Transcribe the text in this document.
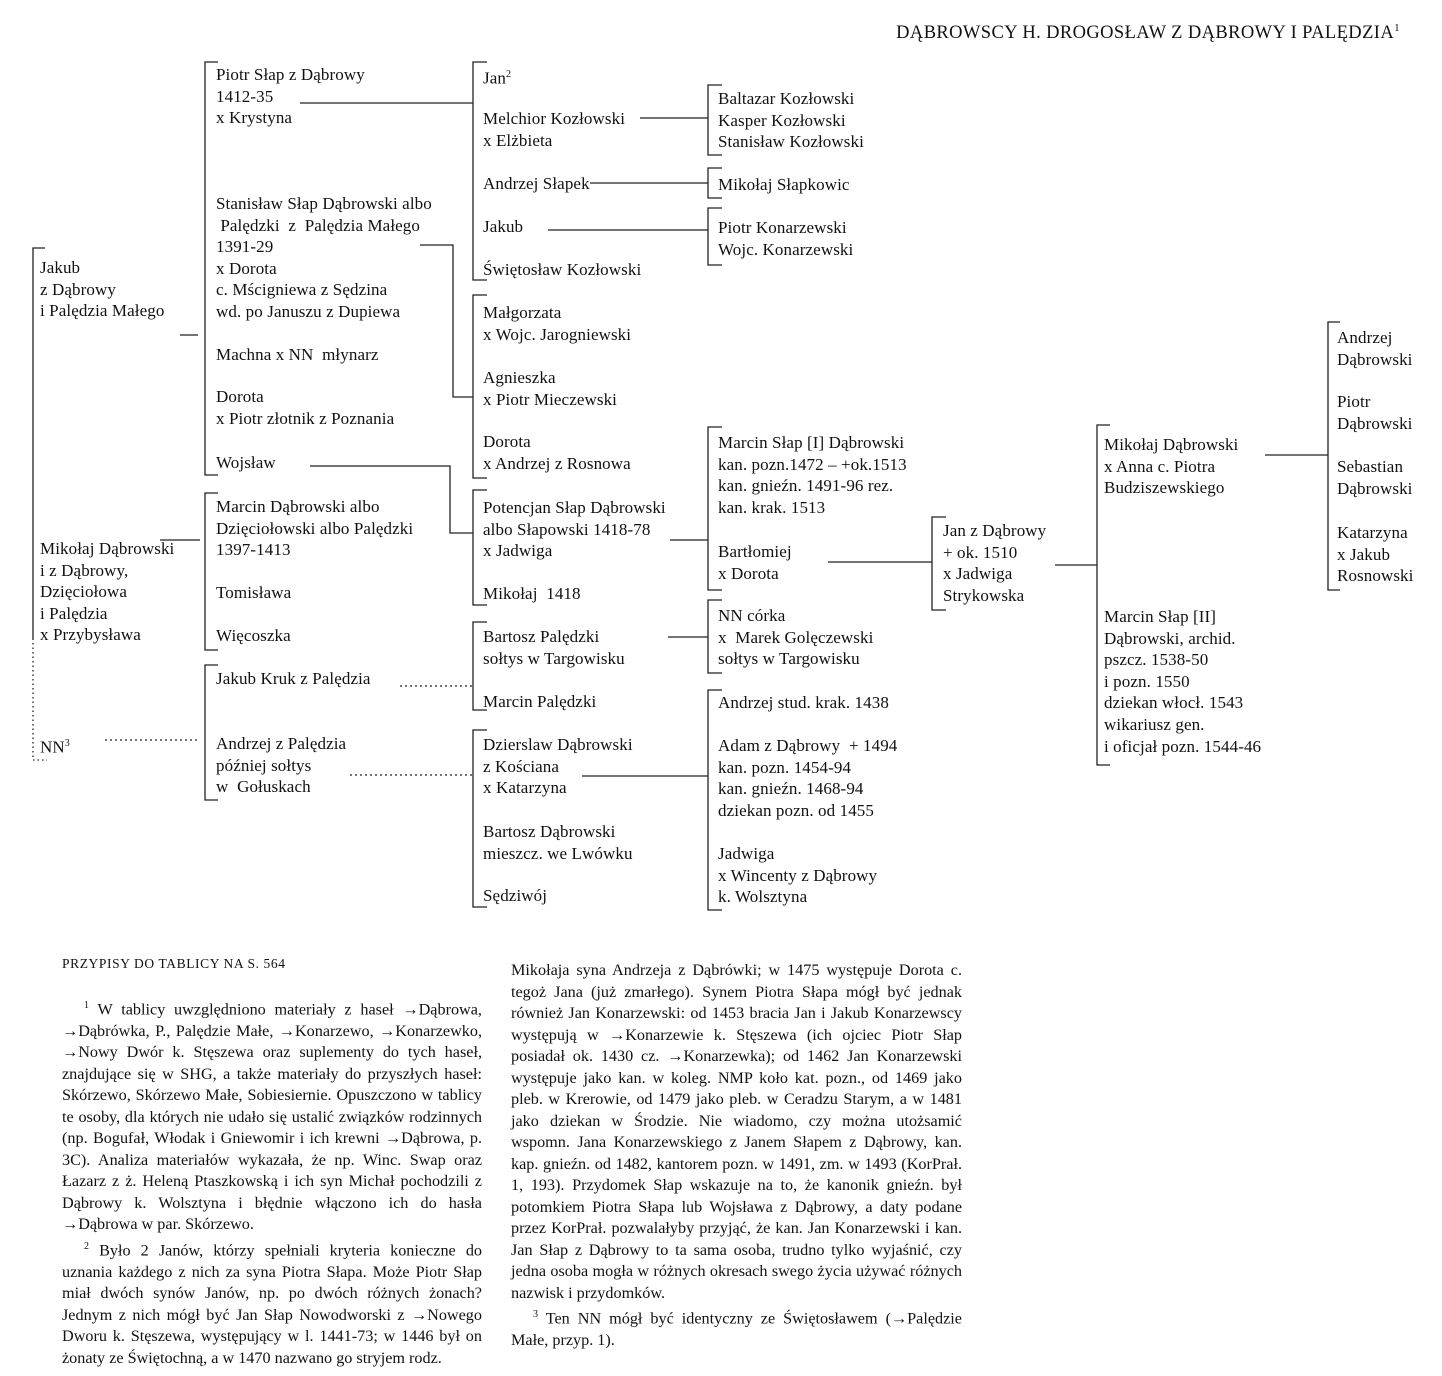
DĄBROWSCY H. DROGOSŁAW Z DĄBROWY I PALĘDZIA$^1$
Jakub
z Dąbrowy
i Palędzia Małego
Mikołaj Dąbrowski
i z Dąbrowy,
Dzięciołowa
i Palędzia
x Przybysława
$NN^3$
Piotr Słap z Dąbrowy
1412-35
x Krystyna
Stanisław Słap Dąbrowski albo
Palędzki  z  Palędzia Małego
1391-29
x Dorota
c. Mścigniewa z Sędzina
wd. po Januszu z Dupiewa
Machna x NN  młynarz
Dorota
x Piotr złotnik z Poznania
Wojsław
Marcin Dąbrowski albo
Dzięciołowski albo Palędzki
1397-1413
Tomisława
Więcoszka
Jakub Kruk z Palędzia
Andrzej z Palędzia
później sołtys
w  Gołuskach
Jan$^2$
Melchior Kozłowski
x Elżbieta
Andrzej Słapek
Jakub
Świętosław Kozłowski
Małgorzata
x Wojc. Jarogniewski
Agnieszka
x Piotr Mieczewski
Dorota
x Andrzej z Rosnowa
Potencjan Słap Dąbrowski
albo Słapowski 1418-78
x Jadwiga
Mikołaj  1418
Bartosz Palędzki
sołtys w Targowisku
Marcin Palędzki
Dzierslaw Dąbrowski
z Kościana
x Katarzyna
Bartosz Dąbrowski
mieszcz. we Lwówku
Sędziwój
Baltazar Kozłowski
Kasper Kozłowski
Stanisław Kozłowski
Mikołaj Słapkowic
Piotr Konarzewski
Wojc. Konarzewski
Marcin Słap [I] Dąbrowski
kan. pozn.1472 – +ok.1513
kan. gnieźn. 1491-96 rez.
kan. krak. 1513
Bartłomiej
x Dorota
NN córka
x  Marek Golęczewski
sołtys w Targowisku
Andrzej stud. krak. 1438
Adam z Dąbrowy  + 1494
kan. pozn. 1454-94
kan. gnieźn. 1468-94
dziekan pozn. od 1455
Jadwiga
x Wincenty z Dąbrowy
k. Wolsztyna
Jan z Dąbrowy
+ ok. 1510
x Jadwiga
Strykowska
Mikołaj Dąbrowski
x Anna c. Piotra
Budziszewskiego
Marcin Słap [II]
Dąbrowski, archid.
pszcz. 1538-50
i pozn. 1550
dziekan włocł. 1543
wikariusz gen.
i oficjał pozn. 1544-46
Andrzej
Dąbrowski
Piotr
Dąbrowski
Sebastian
Dąbrowski
Katarzyna
x Jakub
Rosnowski
PRZYPISY DO TABLICY NA S. 564

$^1$ W tablicy uwzględniono materiały z haseł →Dąbrowa, →Dąbrówka, P., Palędzie Małe, →Konarzewo, →Konarzewko, →Nowy Dwór k. Stęszewa oraz suplementy do tych haseł, znajdujące się w SHG, a także materiały do przyszłych haseł: Skórzewo, Skórzewo Małe, Sobiesiernie. Opuszczono w tablicy te osoby, dla których nie udało się ustalić związków rodzinnych (np. Bogufał, Włodak i Gniewomir i ich krewni →Dąbrowa, p. 3C). Analiza materiałów wykazała, że np. Winc. Swap oraz Łazarz z ż. Heleną Ptaszkowską i ich syn Michał pochodzili z Dąbrowy k. Wolsztyna i błędnie włączono ich do hasła →Dąbrowa w par. Skórzewo.

$^2$ Było 2 Janów, którzy spełniali kryteria konieczne do uznania każdego z nich za syna Piotra Słapa. Może Piotr Słap miał dwóch synów Janów, np. po dwóch różnych żonach? Jednym z nich mógł być Jan Słap Nowodworski z →Nowego Dworu k. Stęszewa, występujący w l. 1441-73; w 1446 był on żonaty ze Świętochną, a w 1470 nazwano go stryjem rodz.

Mikołaja syna Andrzeja z Dąbrówki; w 1475 występuje Dorota c. tegoż Jana (już zmarłego). Synem Piotra Słapa mógł być jednak również Jan Konarzewski: od 1453 bracia Jan i Jakub Konarzewscy występują w →Konarzewie k. Stęszewa (ich ojciec Piotr Słap posiadał ok. 1430 cz. →Konarzewka); od 1462 Jan Konarzewski występuje jako kan. w koleg. NMP koło kat. pozn., od 1469 jako pleb. w Krerowie, od 1479 jako pleb. w Ceradzu Starym, a w 1481 jako dziekan w Środzie. Nie wiadomo, czy można utożsamić wspomn. Jana Konarzewskiego z Janem Słapem z Dąbrowy, kan. kap. gnieźn. od 1482, kantorem pozn. w 1491, zm. w 1493 (KorPrał. 1, 193). Przydomek Słap wskazuje na to, że kanonik gnieźn. był potomkiem Piotra Słapa lub Wojsława z Dąbrowy, a daty podane przez KorPrał. pozwalałyby przyjąć, że kan. Jan Konarzewski i kan. Jan Słap z Dąbrowy to ta sama osoba, trudno tylko wyjaśnić, czy jedna osoba mogła w różnych okresach swego życia używać różnych nazwisk i przydomków.

$^3$ Ten NN mógł być identyczny ze Świętosławem (→Palędzie Małe, przyp. 1).
